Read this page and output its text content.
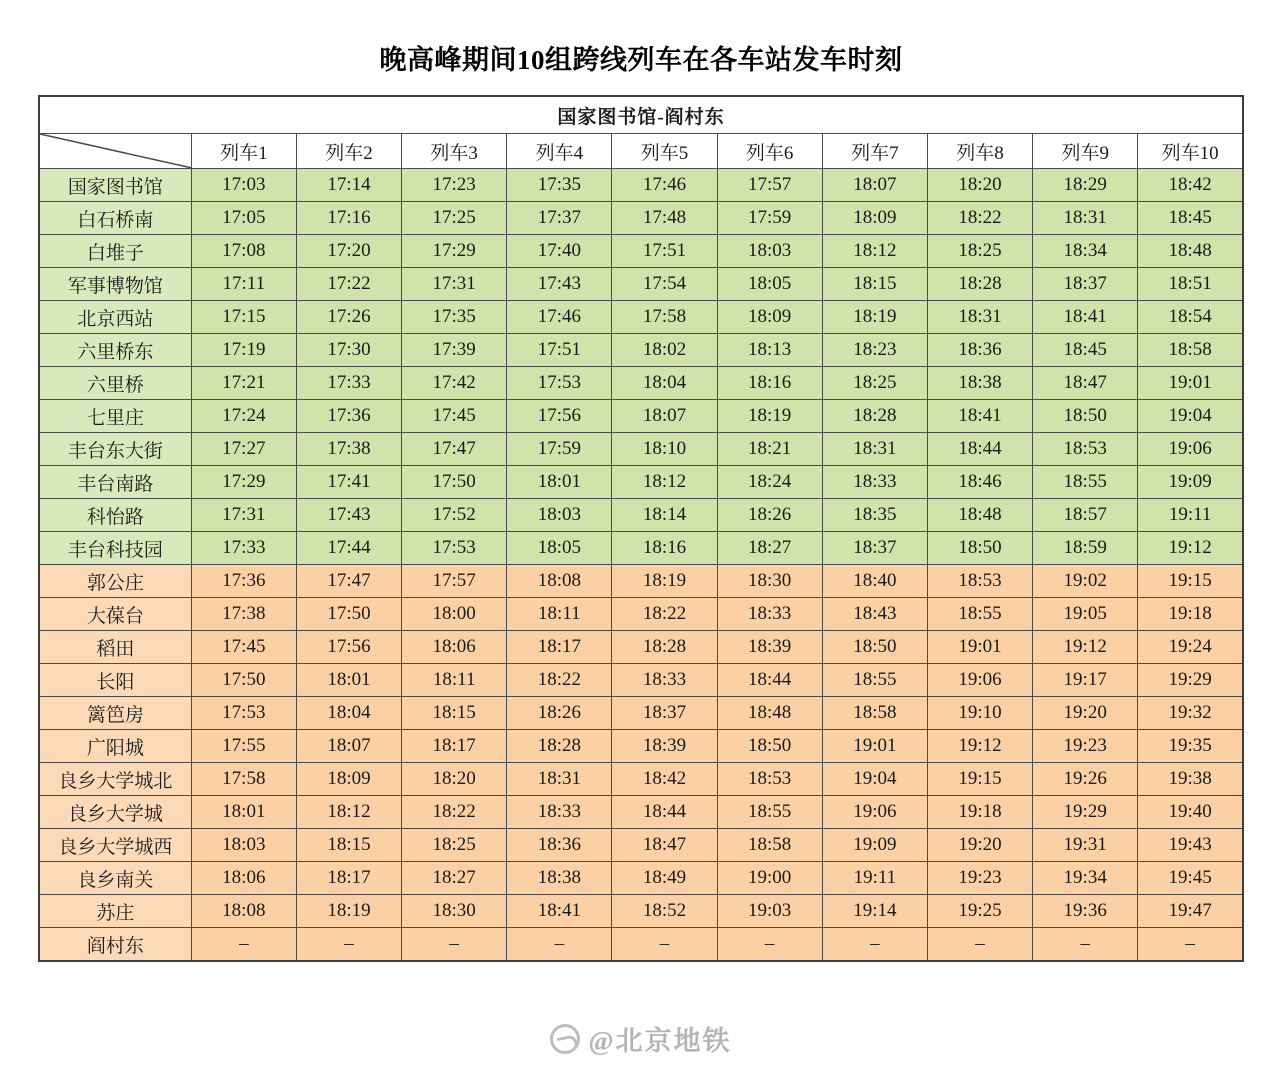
晚高峰期间10组跨线列车在各车站发车时刻
国家图书馆-阎村东										

	列车1	列车2	列车3	列车4	列车5	列车6	列车7	列车8	列车9	列车10
国家图书馆	17:03	17:14	17:23	17:35	17:46	17:57	18:07	18:20	18:29	18:42
白石桥南	17:05	17:16	17:25	17:37	17:48	17:59	18:09	18:22	18:31	18:45
白堆子	17:08	17:20	17:29	17:40	17:51	18:03	18:12	18:25	18:34	18:48
军事博物馆	17:11	17:22	17:31	17:43	17:54	18:05	18:15	18:28	18:37	18:51
北京西站	17:15	17:26	17:35	17:46	17:58	18:09	18:19	18:31	18:41	18:54
六里桥东	17:19	17:30	17:39	17:51	18:02	18:13	18:23	18:36	18:45	18:58
六里桥	17:21	17:33	17:42	17:53	18:04	18:16	18:25	18:38	18:47	19:01
七里庄	17:24	17:36	17:45	17:56	18:07	18:19	18:28	18:41	18:50	19:04
丰台东大街	17:27	17:38	17:47	17:59	18:10	18:21	18:31	18:44	18:53	19:06
丰台南路	17:29	17:41	17:50	18:01	18:12	18:24	18:33	18:46	18:55	19:09
科怡路	17:31	17:43	17:52	18:03	18:14	18:26	18:35	18:48	18:57	19:11
丰台科技园	17:33	17:44	17:53	18:05	18:16	18:27	18:37	18:50	18:59	19:12
郭公庄	17:36	17:47	17:57	18:08	18:19	18:30	18:40	18:53	19:02	19:15
大葆台	17:38	17:50	18:00	18:11	18:22	18:33	18:43	18:55	19:05	19:18
稻田	17:45	17:56	18:06	18:17	18:28	18:39	18:50	19:01	19:12	19:24
长阳	17:50	18:01	18:11	18:22	18:33	18:44	18:55	19:06	19:17	19:29
篱笆房	17:53	18:04	18:15	18:26	18:37	18:48	18:58	19:10	19:20	19:32
广阳城	17:55	18:07	18:17	18:28	18:39	18:50	19:01	19:12	19:23	19:35
良乡大学城北	17:58	18:09	18:20	18:31	18:42	18:53	19:04	19:15	19:26	19:38
良乡大学城	18:01	18:12	18:22	18:33	18:44	18:55	19:06	19:18	19:29	19:40
良乡大学城西	18:03	18:15	18:25	18:36	18:47	18:58	19:09	19:20	19:31	19:43
良乡南关	18:06	18:17	18:27	18:38	18:49	19:00	19:11	19:23	19:34	19:45
苏庄	18:08	18:19	18:30	18:41	18:52	19:03	19:14	19:25	19:36	19:47
阎村东	–	–	–	–	–	–	–	–	–	–
@北京地铁
